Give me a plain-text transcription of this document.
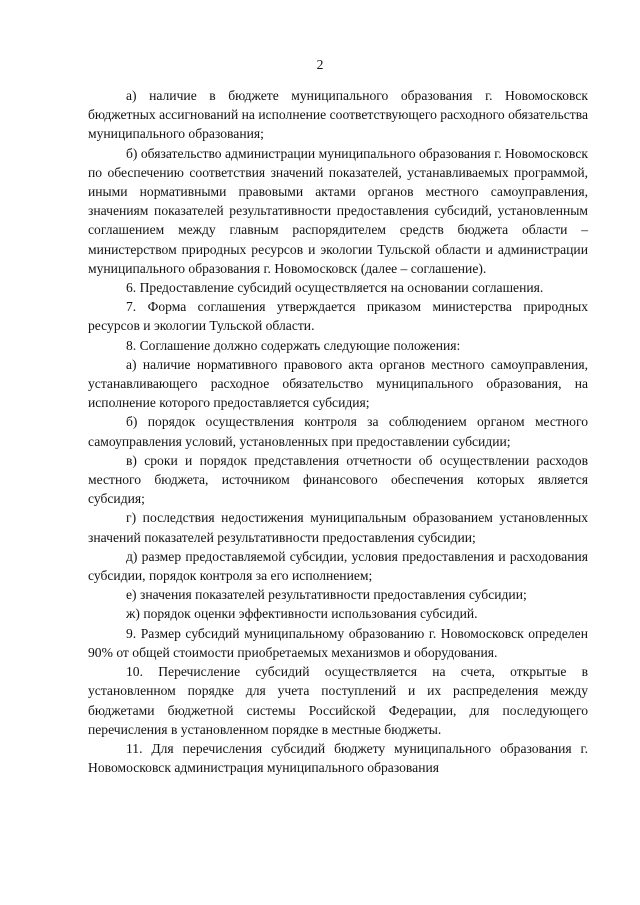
2

а) наличие в бюджете муниципального образования г. Новомосковск бюджетных ассигнований на исполнение соответствующего расходного обязательства муниципального образования;

б) обязательство администрации муниципального образования г. Новомосковск по обеспечению соответствия значений показателей, устанавливаемых программой, иными нормативными правовыми актами органов местного самоуправления, значениям показателей результативности предоставления субсидий, установленным соглашением между главным распорядителем средств бюджета области – министерством природных ресурсов и экологии Тульской области и администрации муниципального образования г. Новомосковск (далее – соглашение).

6. Предоставление субсидий осуществляется на основании соглашения.

7. Форма соглашения утверждается приказом министерства природных ресурсов и экологии Тульской области.

8. Соглашение должно содержать следующие положения:

а) наличие нормативного правового акта органов местного самоуправления, устанавливающего расходное обязательство муниципального образования, на исполнение которого предоставляется субсидия;

б) порядок осуществления контроля за соблюдением органом местного самоуправления условий, установленных при предоставлении субсидии;

в) сроки и порядок представления отчетности об осуществлении расходов местного бюджета, источником финансового обеспечения которых является субсидия;

г) последствия недостижения муниципальным образованием установленных значений показателей результативности предоставления субсидии;

д) размер предоставляемой субсидии, условия предоставления и расходования субсидии, порядок контроля за его исполнением;

е) значения показателей результативности предоставления субсидии;

ж) порядок оценки эффективности использования субсидий.

9. Размер субсидий муниципальному образованию г. Новомосковск определен 90% от общей стоимости приобретаемых механизмов и оборудования.

10. Перечисление субсидий осуществляется на счета, открытые в установленном порядке для учета поступлений и их распределения между бюджетами бюджетной системы Российской Федерации, для последующего перечисления в установленном порядке в местные бюджеты.

11. Для перечисления субсидий бюджету муниципального образования г. Новомосковск администрация муниципального образования
